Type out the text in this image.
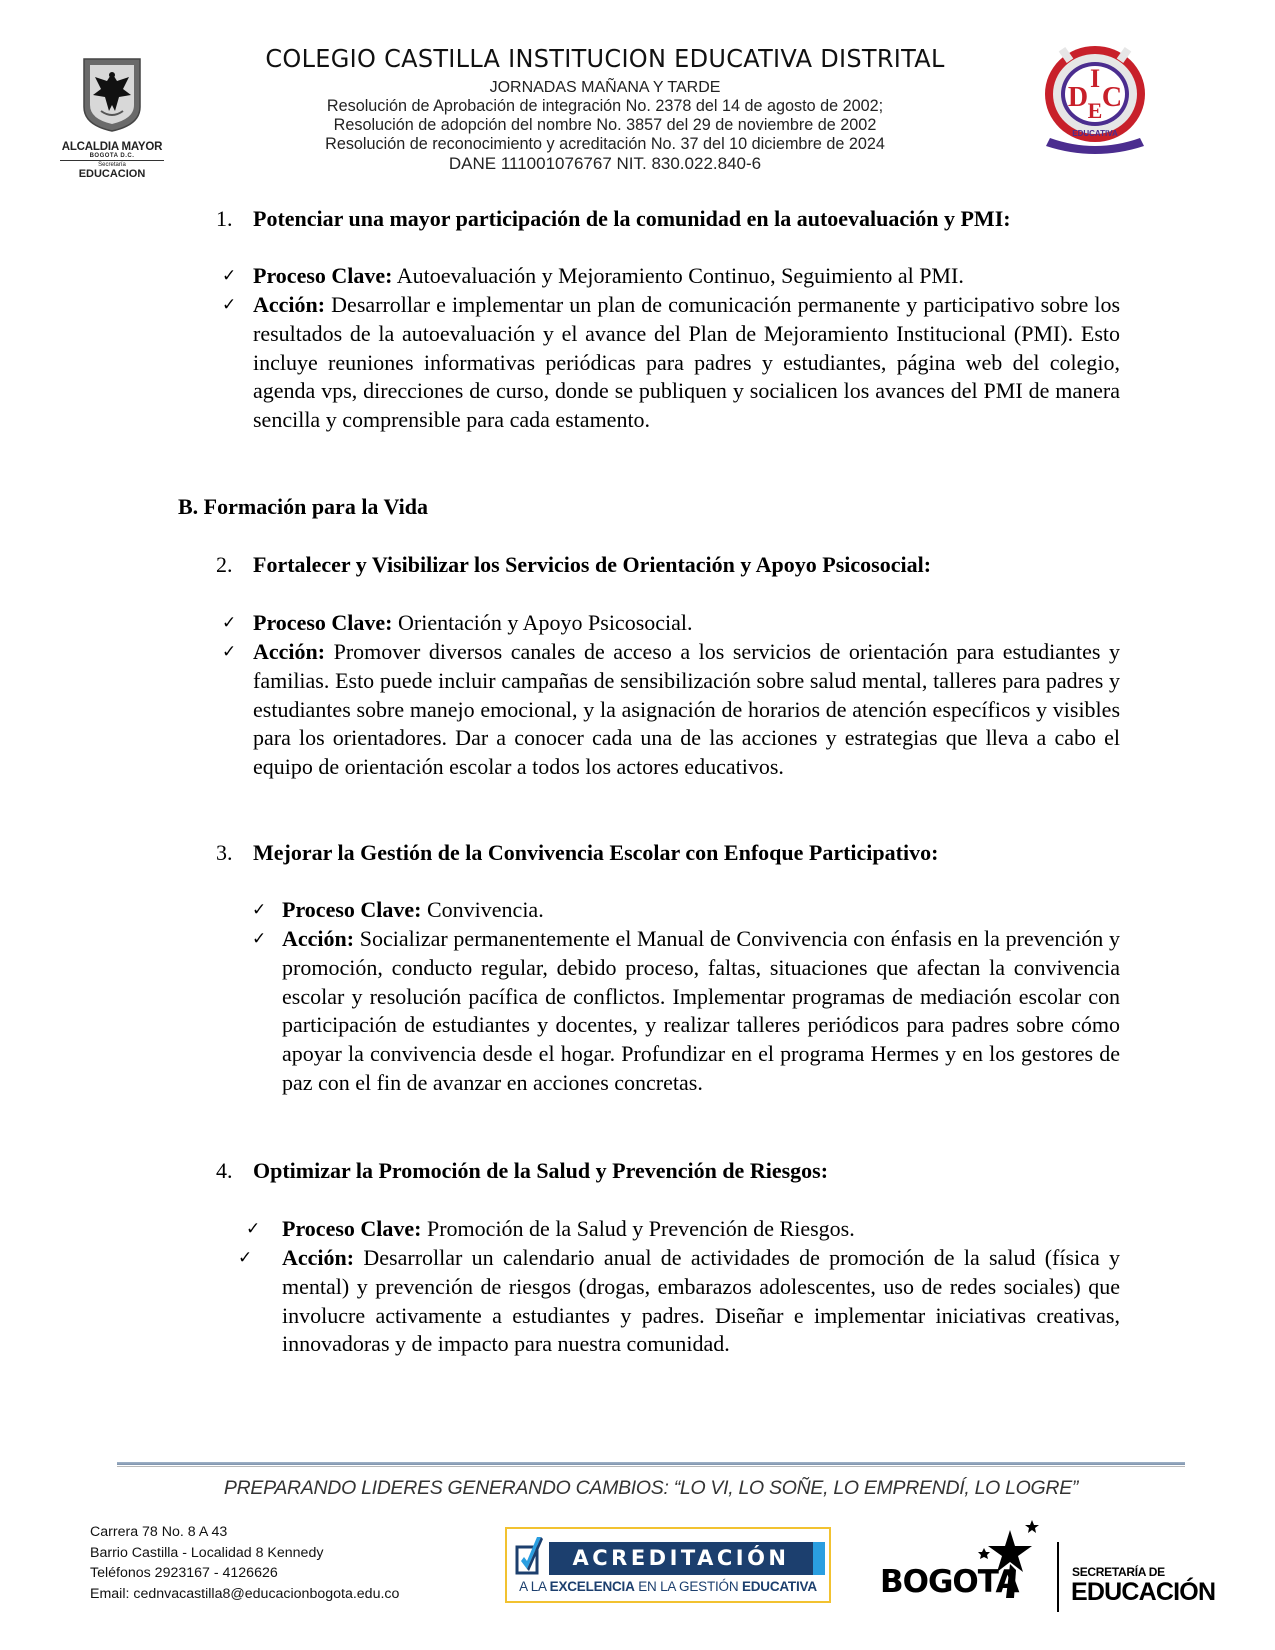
ALCALDIA MAYOR
BOGOTA D.C.
Secretaría
EDUCACION
COLEGIO CASTILLA INSTITUCION EDUCATIVA DISTRITAL
JORNADAS MAÑANA Y TARDE
Resolución de Aprobación de integración No. 2378 del 14 de agosto de 2002;
Resolución de adopción del nombre No. 3857 del 29 de noviembre de 2002
Resolución de reconocimiento y acreditación No. 37 del 10 diciembre de 2024
DANE 111001076767 NIT. 830.022.840-6
I
D C
E
EDUCATIVA
1. Potenciar una mayor participación de la comunidad en la autoevaluación y PMI:
✓ Proceso Clave: Autoevaluación y Mejoramiento Continuo, Seguimiento al PMI.
✓ Acción: Desarrollar e implementar un plan de comunicación permanente y participativo sobre los resultados de la autoevaluación y el avance del Plan de Mejoramiento Institucional (PMI). Esto incluye reuniones informativas periódicas para padres y estudiantes, página web del colegio, agenda vps, direcciones de curso, donde se publiquen y socialicen los avances del PMI de manera sencilla y comprensible para cada estamento.
B. Formación para la Vida
2. Fortalecer y Visibilizar los Servicios de Orientación y Apoyo Psicosocial:
✓ Proceso Clave: Orientación y Apoyo Psicosocial.
✓ Acción: Promover diversos canales de acceso a los servicios de orientación para estudiantes y familias. Esto puede incluir campañas de sensibilización sobre salud mental, talleres para padres y estudiantes sobre manejo emocional, y la asignación de horarios de atención específicos y visibles para los orientadores. Dar a conocer cada una de las acciones y estrategias que lleva a cabo el equipo de orientación escolar a todos los actores educativos.
3. Mejorar la Gestión de la Convivencia Escolar con Enfoque Participativo:
✓ Proceso Clave: Convivencia.
✓ Acción: Socializar permanentemente el Manual de Convivencia con énfasis en la prevención y promoción, conducto regular, debido proceso, faltas, situaciones que afectan la convivencia escolar y resolución pacífica de conflictos. Implementar programas de mediación escolar con participación de estudiantes y docentes, y realizar talleres periódicos para padres sobre cómo apoyar la convivencia desde el hogar. Profundizar en el programa Hermes y en los gestores de paz con el fin de avanzar en acciones concretas.
4. Optimizar la Promoción de la Salud y Prevención de Riesgos:
✓ Proceso Clave: Promoción de la Salud y Prevención de Riesgos.
✓ Acción: Desarrollar un calendario anual de actividades de promoción de la salud (física y mental) y prevención de riesgos (drogas, embarazos adolescentes, uso de redes sociales) que involucre activamente a estudiantes y padres. Diseñar e implementar iniciativas creativas, innovadoras y de impacto para nuestra comunidad.
PREPARANDO LIDERES GENERANDO CAMBIOS: “LO VI, LO SOÑE, LO EMPRENDÍ, LO LOGRE”
Carrera 78 No. 8 A 43
Barrio Castilla - Localidad 8 Kennedy
Teléfonos 2923167 - 4126626
Email: cednvacastilla8@educacionbogota.edu.co
ACREDITACIÓN
A LA EXCELENCIA EN LA GESTIÓN EDUCATIVA BOGOTA	SECRETARÍA DE
EDUCACIÓN
